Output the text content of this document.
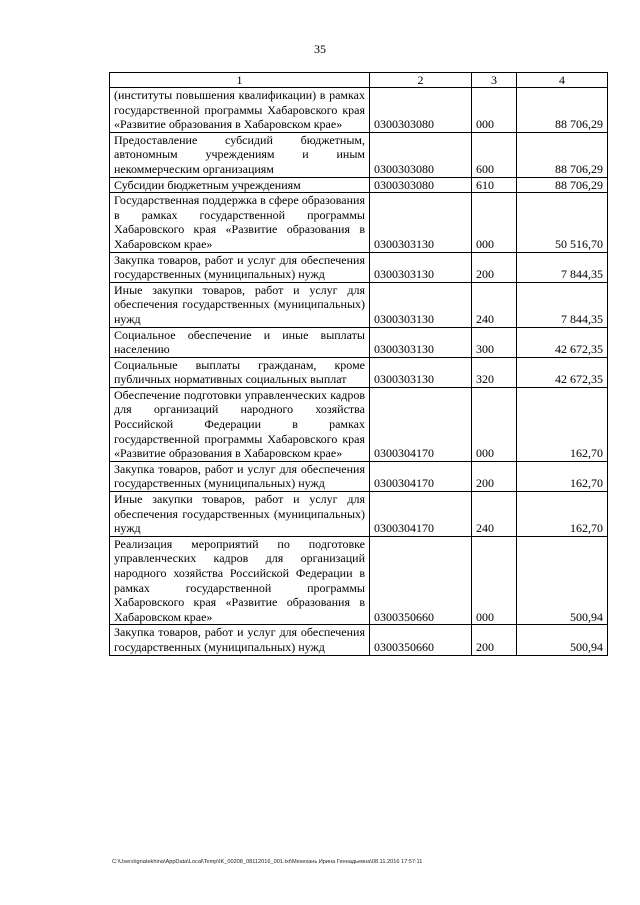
35
1	2	3	4
(институты повышения квалификации) в рамках государственной программы Хабаровского края «Развитие образования в Хабаровском крае»	0300303080	000	88 706,29
Предоставление субсидий бюджетным, автономным учреждениям и иным некоммерческим организациям	0300303080	600	88 706,29
Субсидии бюджетным учреждениям	0300303080	610	88 706,29
Государственная поддержка в сфере образования в рамках государственной программы Хабаровского края «Развитие образования в Хабаровском крае»	0300303130	000	50 516,70
Закупка товаров, работ и услуг для обеспечения государственных (муниципальных) нужд	0300303130	200	7 844,35
Иные закупки товаров, работ и услуг для обеспечения государственных (муниципальных) нужд	0300303130	240	7 844,35
Социальное обеспечение и иные выплаты населению	0300303130	300	42 672,35
Социальные выплаты гражданам, кроме публичных нормативных социальных выплат	0300303130	320	42 672,35
Обеспечение подготовки управленческих кадров для организаций народного хозяйства Российской Федерации в рамках государственной программы Хабаровского края «Развитие образования в Хабаровском крае»	0300304170	000	162,70
Закупка товаров, работ и услуг для обеспечения государственных (муниципальных) нужд	0300304170	200	162,70
Иные закупки товаров, работ и услуг для обеспечения государственных (муниципальных) нужд	0300304170	240	162,70
Реализация мероприятий по подготовке управленческих кадров для организаций народного хозяйства Российской Федерации в рамках государственной программы Хабаровского края «Развитие образования в Хабаровском крае»	0300350660	000	500,94
Закупка товаров, работ и услуг для обеспечения государственных (муниципальных) нужд	0300350660	200	500,94
C:\Users\ignatekhina\AppData\Local\Temp\IK_00208_08112016_001.txt\Мехехань Ирина Геннадьевна\08.11.2016 17:57:11
